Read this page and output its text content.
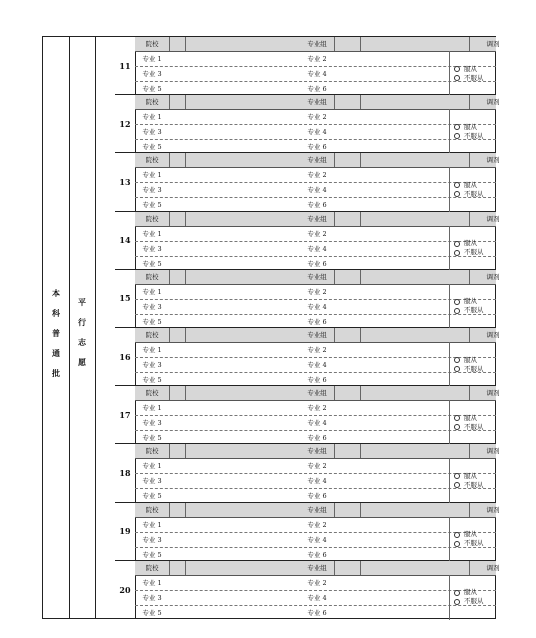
本
科
普
通
批
平
行
志
愿
11
院校	专业组	调剂
专业 1	专业 2
专业 3	专业 4
专业 5	专业 6
服从
不服从
12
院校	专业组	调剂
专业 1	专业 2
专业 3	专业 4
专业 5	专业 6
服从
不服从
13
院校	专业组	调剂
专业 1	专业 2
专业 3	专业 4
专业 5	专业 6
服从
不服从
14
院校	专业组	调剂
专业 1	专业 2
专业 3	专业 4
专业 5	专业 6
服从
不服从
15
院校	专业组	调剂
专业 1	专业 2
专业 3	专业 4
专业 5	专业 6
服从
不服从
16
院校	专业组	调剂
专业 1	专业 2
专业 3	专业 4
专业 5	专业 6
服从
不服从
17
院校	专业组	调剂
专业 1	专业 2
专业 3	专业 4
专业 5	专业 6
服从
不服从
18
院校	专业组	调剂
专业 1	专业 2
专业 3	专业 4
专业 5	专业 6
服从
不服从
19
院校	专业组	调剂
专业 1	专业 2
专业 3	专业 4
专业 5	专业 6
服从
不服从
20
院校	专业组	调剂
专业 1	专业 2
专业 3	专业 4
专业 5	专业 6
服从
不服从
